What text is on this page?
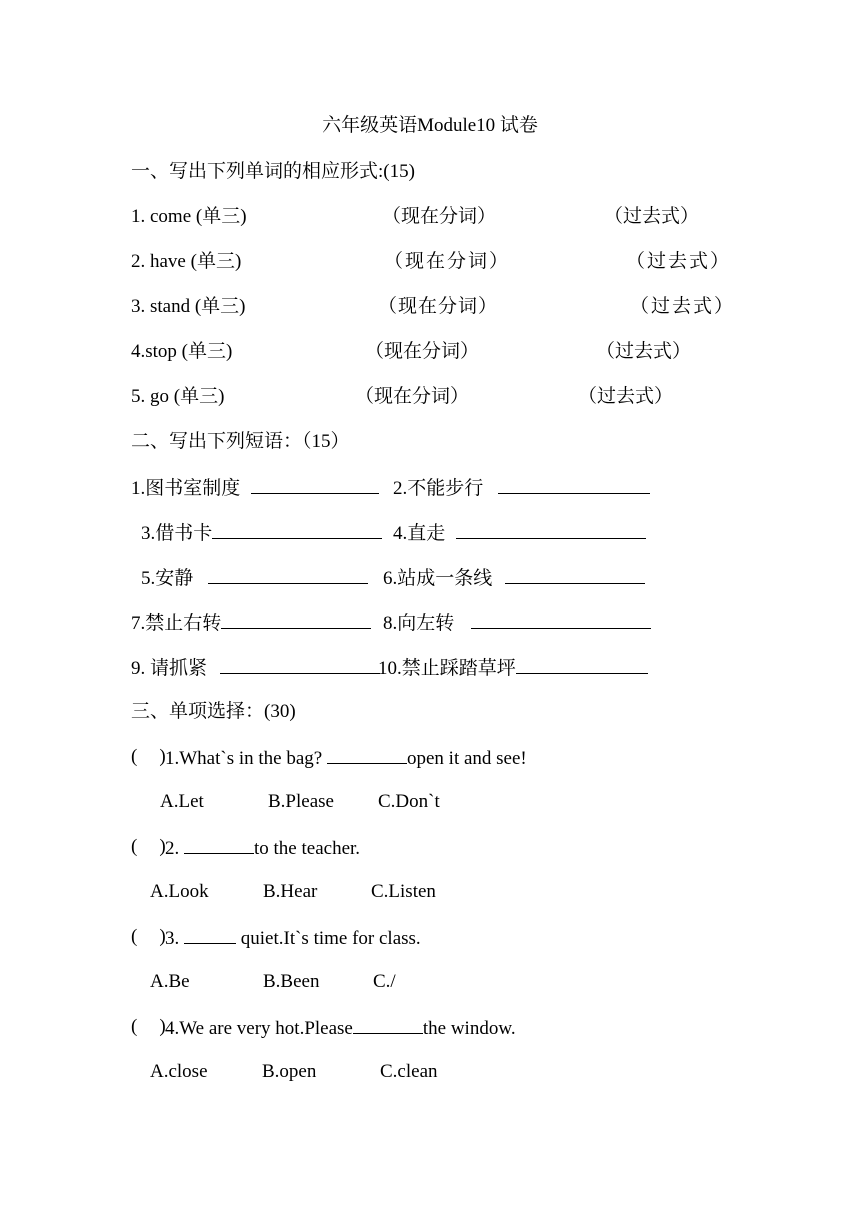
六年级英语Module10 试卷
一、写出下列单词的相应形式:(15)
1. come (单三)	（现在分词）	（过去式）
2. have (单三)	（现在分词）	（过去式）
3. stand (单三)	（现在分词）	（过去式）
4.stop (单三)	（现在分词）	（过去式）
5. go (单三)	（现在分词）	（过去式）
二、写出下列短语：（15）
1.图书室制度	2.不能步行
3.借书卡	4.直走
5.安静	6.站成一条线
7.禁止右转	8.向左转
9. 请抓紧	10.禁止踩踏草坪
三、单项选择：(30)
( ) 1.What`s in the bag?	open it and see!
A.Let	B.Please C.Don`t
( ) 2.	to the teacher.
A.Look	B.Hear	C.Listen
( ) 3.	quiet.It`s time for class.
A.Be	B.Been	C./
( ) 4.We are very hot.Please	the window.
A.close	B.open	C.clean
